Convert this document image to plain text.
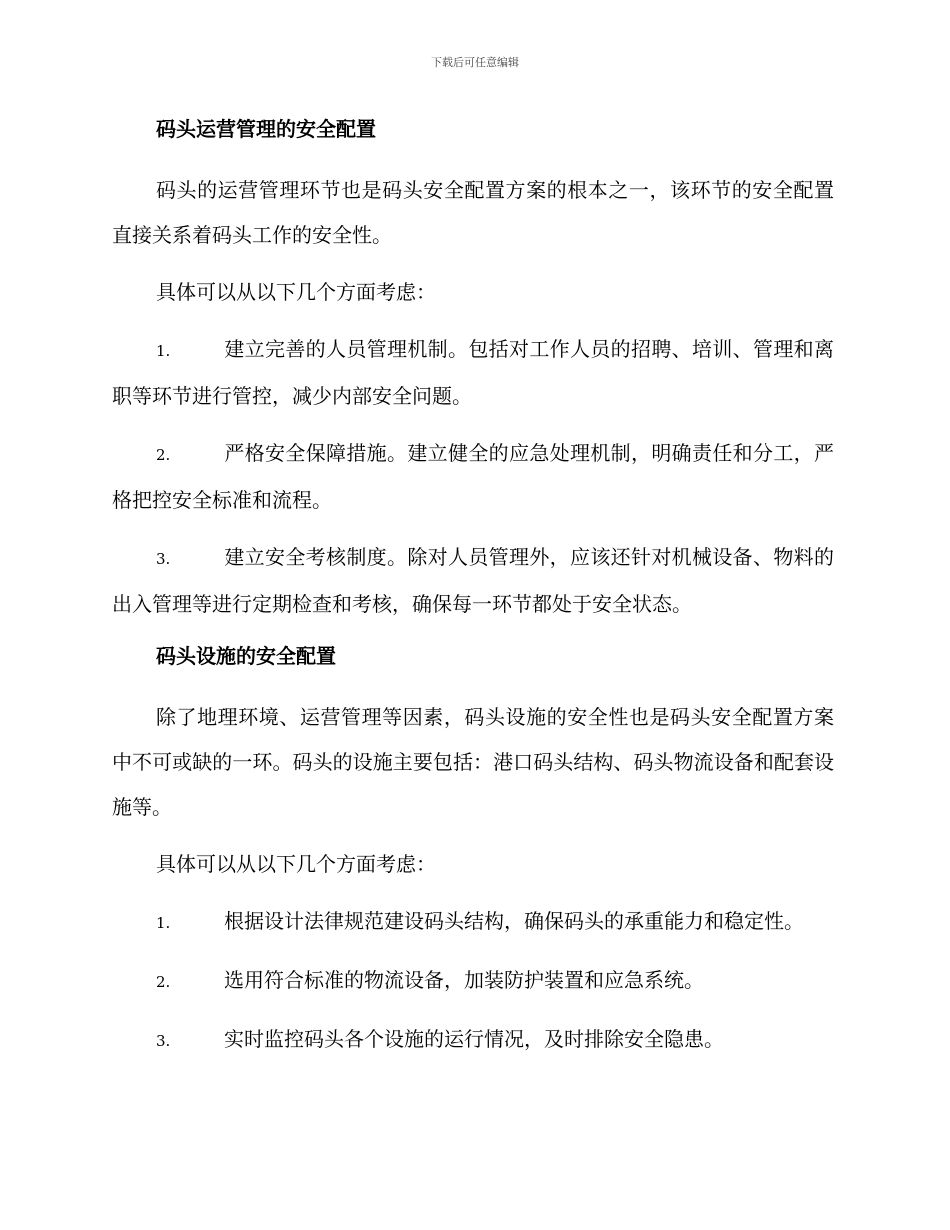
下载后可任意编辑
码头运营管理的安全配置
码头的运营管理环节也是码头安全配置方案的根本之一，该环节的安全配置直接关系着码头工作的安全性。
具体可以从以下几个方面考虑：
1.	建立完善的人员管理机制。包括对工作人员的招聘、培训、管理和离职等环节进行管控，减少内部安全问题。
2.	严格安全保障措施。建立健全的应急处理机制，明确责任和分工，严格把控安全标准和流程。
3.	建立安全考核制度。除对人员管理外，应该还针对机械设备、物料的出入管理等进行定期检查和考核，确保每一环节都处于安全状态。
码头设施的安全配置
除了地理环境、运营管理等因素，码头设施的安全性也是码头安全配置方案中不可或缺的一环。码头的设施主要包括：港口码头结构、码头物流设备和配套设施等。
具体可以从以下几个方面考虑：
1.	根据设计法律规范建设码头结构，确保码头的承重能力和稳定性。
2.	选用符合标准的物流设备，加装防护装置和应急系统。
3.	实时监控码头各个设施的运行情况，及时排除安全隐患。
